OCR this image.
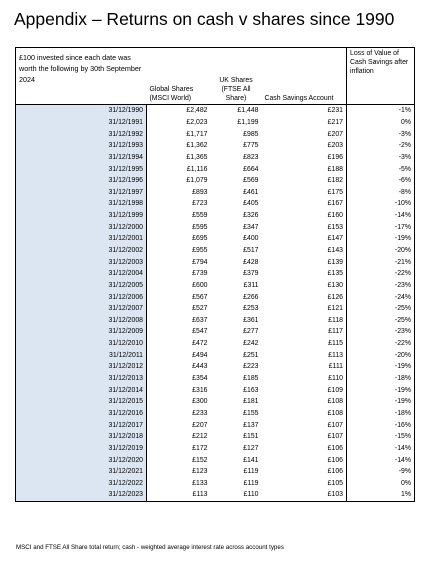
Appendix – Returns on cash v shares since 1990
£100 invested since each date was worth the following by 30th September 2024	Global Shares (MSCI World)	UK Shares (FTSE All Share)	Cash Savings Account	Loss of Value of Cash Savings after inflation
31/12/1990	£2,482	£1,448	£231	-1%
31/12/1991	£2,023	£1,199	£217	0%
31/12/1992	£1,717	£985	£207	-3%
31/12/1993	£1,362	£775	£203	-2%
31/12/1994	£1,365	£823	£196	-3%
31/12/1995	£1,116	£664	£188	-5%
31/12/1996	£1,079	£569	£182	-6%
31/12/1997	£893	£461	£175	-8%
31/12/1998	£723	£405	£167	-10%
31/12/1999	£559	£326	£160	-14%
31/12/2000	£595	£347	£153	-17%
31/12/2001	£695	£400	£147	-19%
31/12/2002	£955	£517	£143	-20%
31/12/2003	£794	£428	£139	-21%
31/12/2004	£739	£379	£135	-22%
31/12/2005	£600	£311	£130	-23%
31/12/2006	£567	£266	£126	-24%
31/12/2007	£527	£253	£121	-25%
31/12/2008	£637	£361	£118	-25%
31/12/2009	£547	£277	£117	-23%
31/12/2010	£472	£242	£115	-22%
31/12/2011	£494	£251	£113	-20%
31/12/2012	£443	£223	£111	-19%
31/12/2013	£354	£185	£110	-18%
31/12/2014	£316	£163	£109	-19%
31/12/2015	£300	£181	£108	-19%
31/12/2016	£233	£155	£108	-18%
31/12/2017	£207	£137	£107	-16%
31/12/2018	£212	£151	£107	-15%
31/12/2019	£172	£127	£106	-14%
31/12/2020	£152	£141	£106	-14%
31/12/2021	£123	£119	£106	-9%
31/12/2022	£133	£119	£105	0%
31/12/2023	£113	£110	£103	1%
MSCI and FTSE All Share total return; cash - weighted average interest rate across account types
